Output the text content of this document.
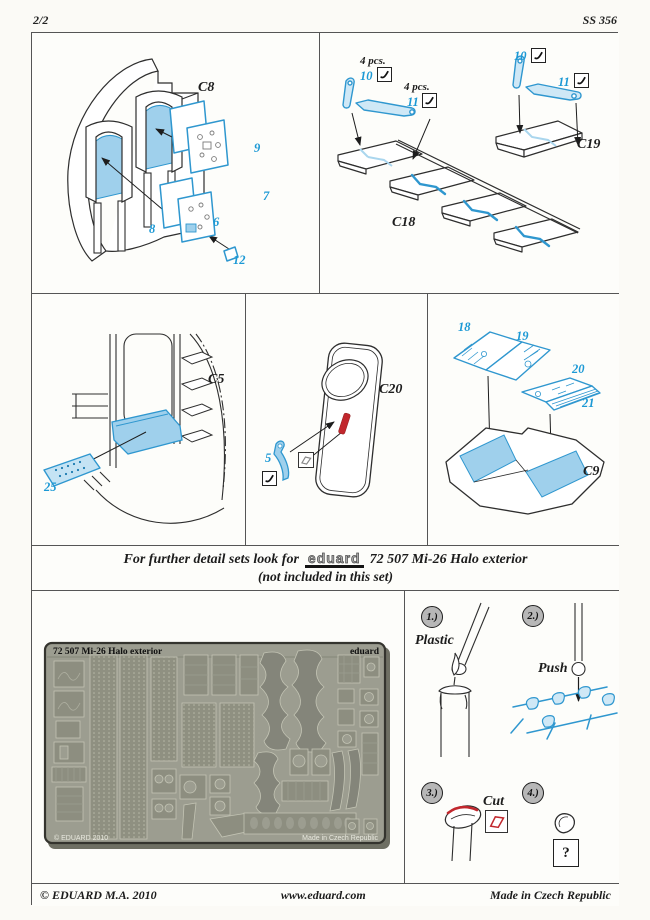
2/2	SS 356
C8
9
7
8	6
12
4 pcs.
10
4 pcs.
11
10
11
C19
C18
C5
25
C20
5
18
19
20
21
C9
For further detail sets look for eduard 72 507 Mi-26 Halo exterior
(not included in this set)
72 507 Mi-26 Halo exterior	eduard
© EDUARD 2010	Made in Czech Republic
1.)
Plastic
2.)
Push
3.)
Cut
4.)
?
© EDUARD M.A. 2010	www.eduard.com	Made in Czech Republic
